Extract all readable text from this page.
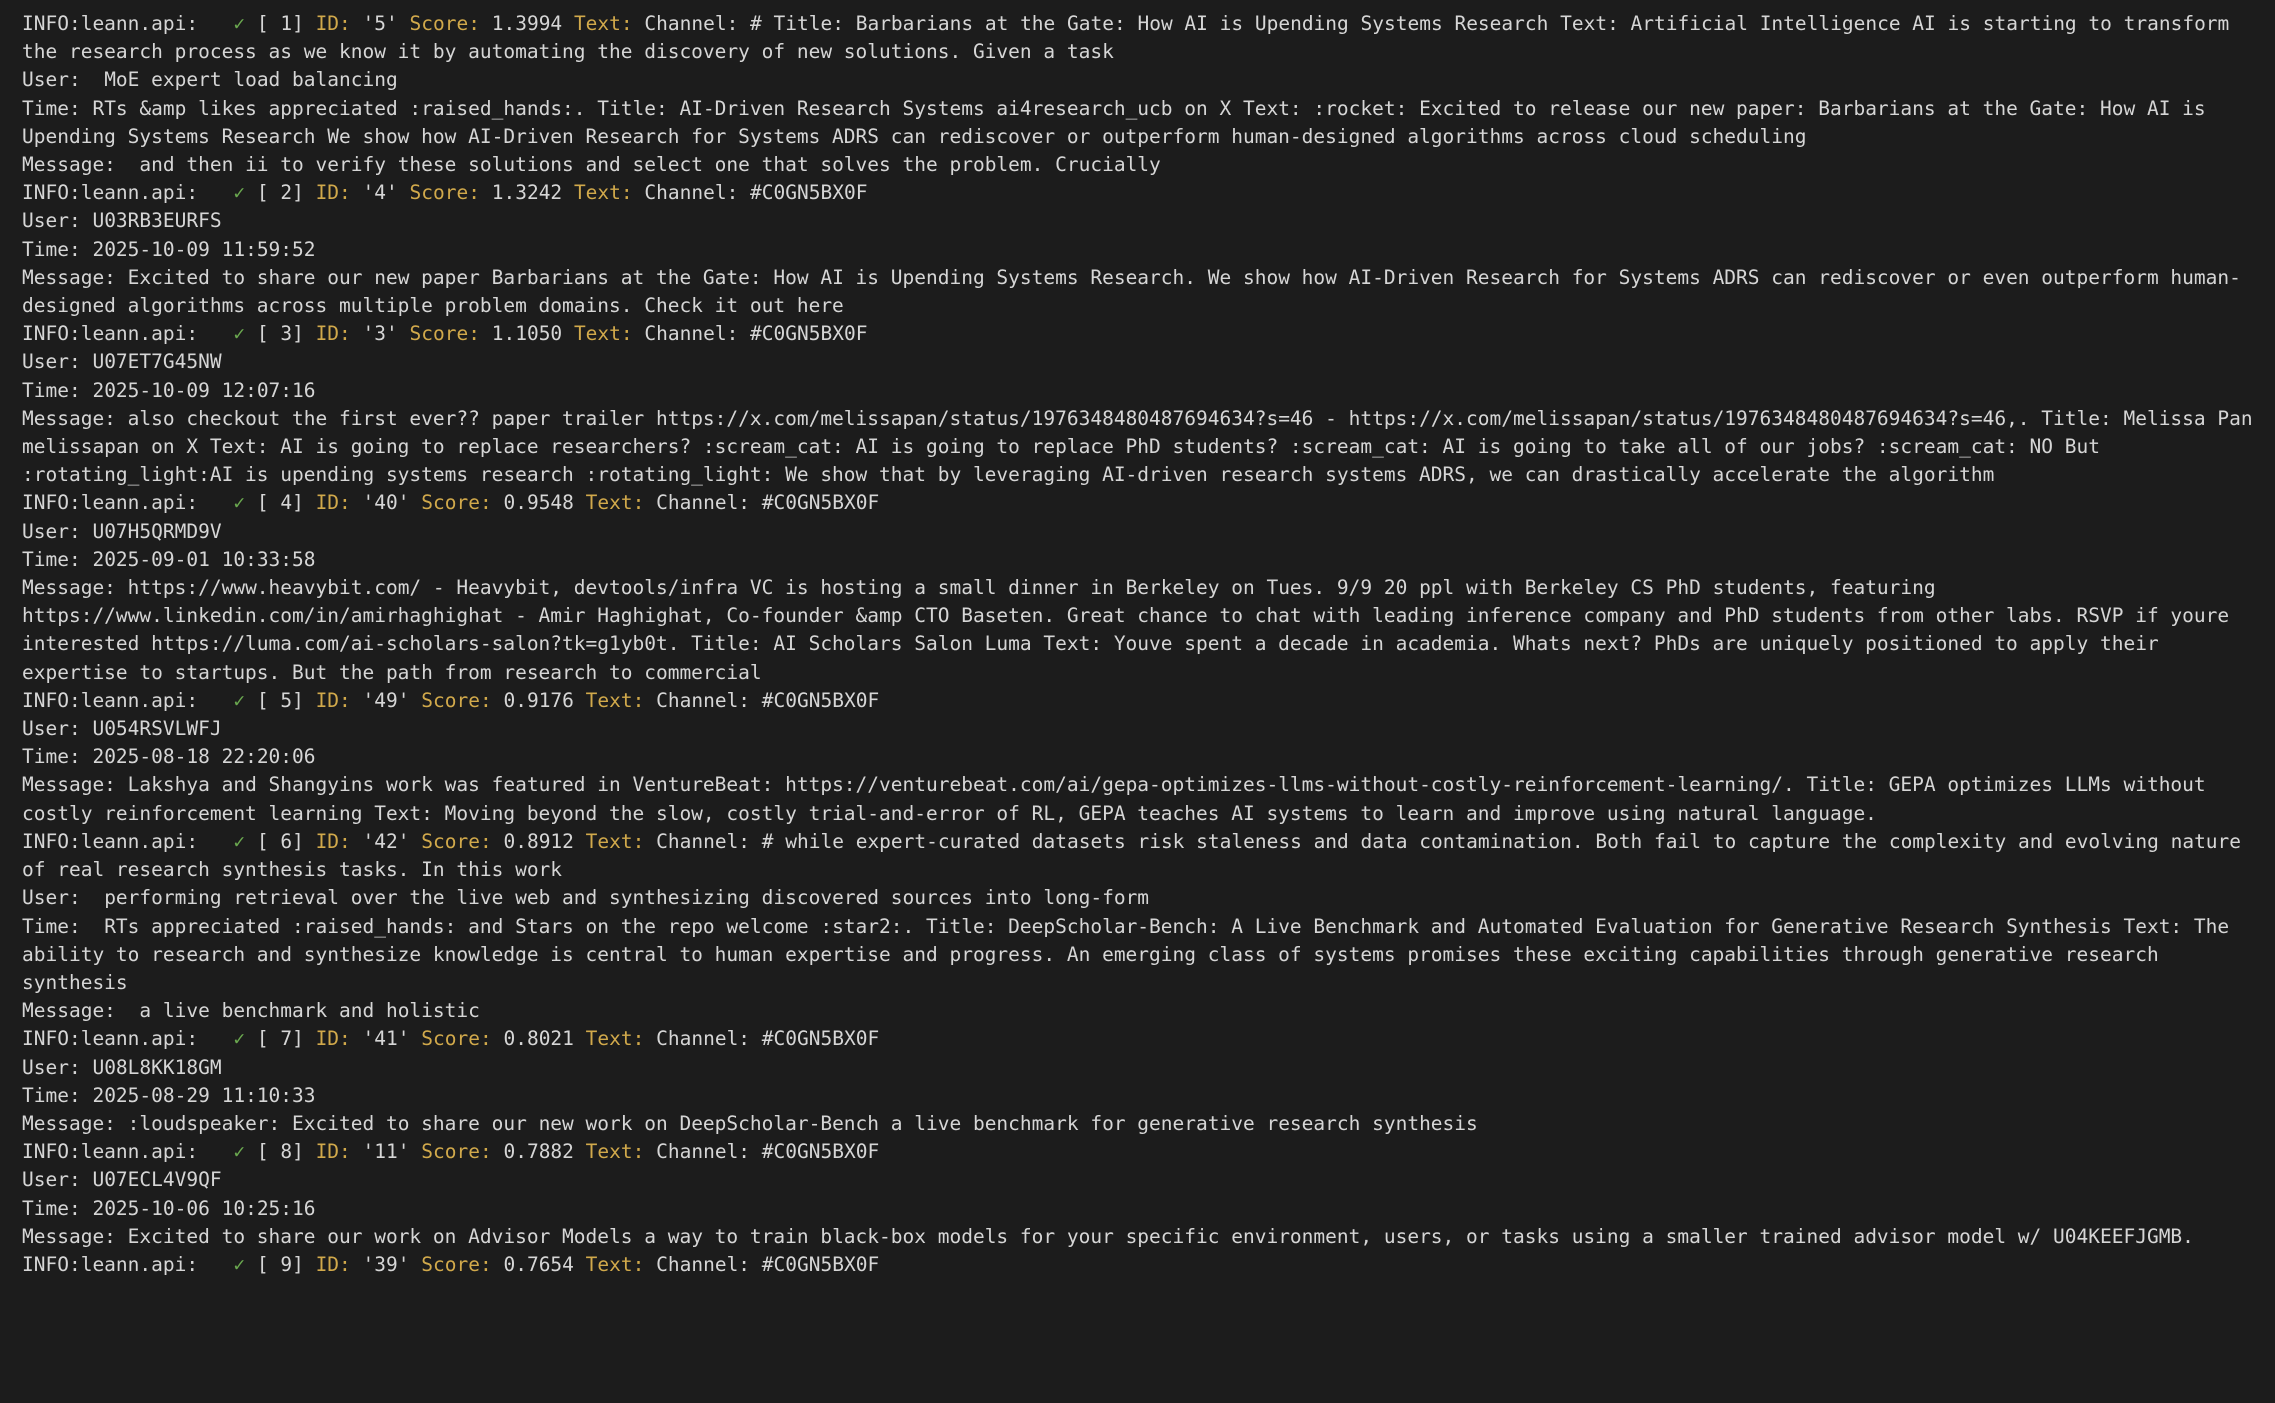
INFO:leann.api: ✓ [ 1] ID: '5' Score: 1.3994 Text: Channel: # Title: Barbarians at the Gate: How AI is Upending Systems Research Text: Artificial Intelligence AI is starting to transform the research process as we know it by automating the discovery of new solutions. Given a task
User:  MoE expert load balancing
Time: RTs &amp likes appreciated :raised_hands:. Title: AI-Driven Research Systems ai4research_ucb on X Text: :rocket: Excited to release our new paper: Barbarians at the Gate: How AI is Upending Systems Research We show how AI-Driven Research for Systems ADRS can rediscover or outperform human-designed algorithms across cloud scheduling
Message:  and then ii to verify these solutions and select one that solves the problem. Crucially
INFO:leann.api: ✓ [ 2] ID: '4' Score: 1.3242 Text: Channel: #C0GN5BX0F
User: U03RB3EURFS
Time: 2025-10-09 11:59:52
Message: Excited to share our new paper Barbarians at the Gate: How AI is Upending Systems Research. We show how AI-Driven Research for Systems ADRS can rediscover or even outperform human-designed algorithms across multiple problem domains. Check it out here
INFO:leann.api: ✓ [ 3] ID: '3' Score: 1.1050 Text: Channel: #C0GN5BX0F
User: U07ET7G45NW
Time: 2025-10-09 12:07:16
Message: also checkout the first ever?? paper trailer https://x.com/melissapan/status/1976348480487694634?s=46 - https://x.com/melissapan/status/1976348480487694634?s=46,. Title: Melissa Pan melissapan on X Text: AI is going to replace researchers? :scream_cat: AI is going to replace PhD students? :scream_cat: AI is going to take all of our jobs? :scream_cat: NO But :rotating_light:AI is upending systems research :rotating_light: We show that by leveraging AI-driven research systems ADRS, we can drastically accelerate the algorithm
INFO:leann.api: ✓ [ 4] ID: '40' Score: 0.9548 Text: Channel: #C0GN5BX0F
User: U07H5QRMD9V
Time: 2025-09-01 10:33:58
Message: https://www.heavybit.com/ - Heavybit, devtools/infra VC is hosting a small dinner in Berkeley on Tues. 9/9 20 ppl with Berkeley CS PhD students, featuring https://www.linkedin.com/in/amirhaghighat - Amir Haghighat, Co-founder &amp CTO Baseten. Great chance to chat with leading inference company and PhD students from other labs. RSVP if youre interested https://luma.com/ai-scholars-salon?tk=g1yb0t. Title: AI Scholars Salon Luma Text: Youve spent a decade in academia. Whats next? PhDs are uniquely positioned to apply their expertise to startups. But the path from research to commercial
INFO:leann.api: ✓ [ 5] ID: '49' Score: 0.9176 Text: Channel: #C0GN5BX0F
User: U054RSVLWFJ
Time: 2025-08-18 22:20:06
Message: Lakshya and Shangyins work was featured in VentureBeat: https://venturebeat.com/ai/gepa-optimizes-llms-without-costly-reinforcement-learning/. Title: GEPA optimizes LLMs without costly reinforcement learning Text: Moving beyond the slow, costly trial-and-error of RL, GEPA teaches AI systems to learn and improve using natural language.
INFO:leann.api: ✓ [ 6] ID: '42' Score: 0.8912 Text: Channel: # while expert-curated datasets risk staleness and data contamination. Both fail to capture the complexity and evolving nature of real research synthesis tasks. In this work
User:  performing retrieval over the live web and synthesizing discovered sources into long-form
Time:  RTs appreciated :raised_hands: and Stars on the repo welcome :star2:. Title: DeepScholar-Bench: A Live Benchmark and Automated Evaluation for Generative Research Synthesis Text: The ability to research and synthesize knowledge is central to human expertise and progress. An emerging class of systems promises these exciting capabilities through generative research synthesis
Message:  a live benchmark and holistic
INFO:leann.api: ✓ [ 7] ID: '41' Score: 0.8021 Text: Channel: #C0GN5BX0F
User: U08L8KK18GM
Time: 2025-08-29 11:10:33
Message: :loudspeaker: Excited to share our new work on DeepScholar-Bench a live benchmark for generative research synthesis
INFO:leann.api: ✓ [ 8] ID: '11' Score: 0.7882 Text: Channel: #C0GN5BX0F
User: U07ECL4V9QF
Time: 2025-10-06 10:25:16
Message: Excited to share our work on Advisor Models a way to train black-box models for your specific environment, users, or tasks using a smaller trained advisor model w/ U04KEEFJGMB.
INFO:leann.api: ✓ [ 9] ID: '39' Score: 0.7654 Text: Channel: #C0GN5BX0F
